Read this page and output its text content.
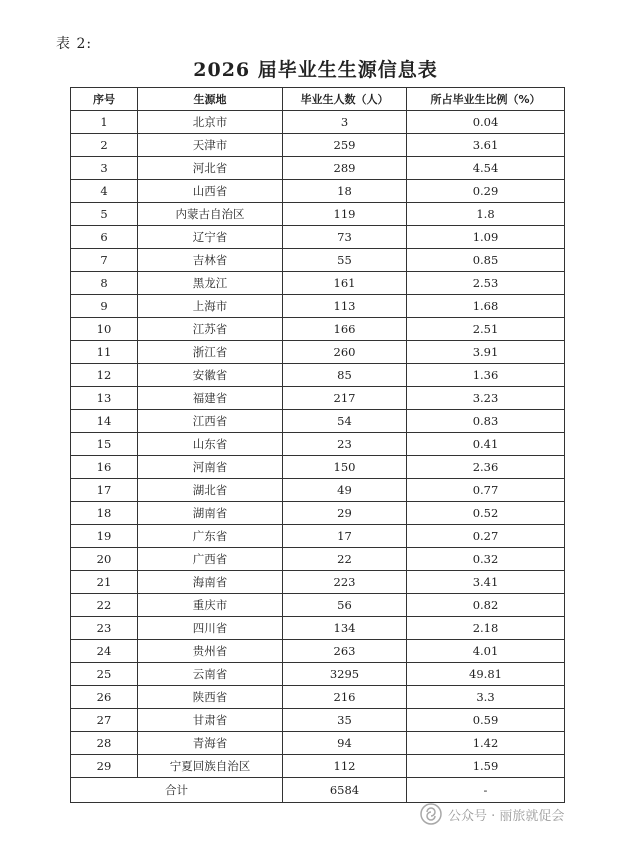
表 2:
2026 届毕业生生源信息表
序号	生源地	毕业生人数（人）	所占毕业生比例（%）
1	北京市	3	0.04
2	天津市	259	3.61
3	河北省	289	4.54
4	山西省	18	0.29
5	内蒙古自治区	119	1.8
6	辽宁省	73	1.09
7	吉林省	55	0.85
8	黑龙江	161	2.53
9	上海市	113	1.68
10	江苏省	166	2.51
11	浙江省	260	3.91
12	安徽省	85	1.36
13	福建省	217	3.23
14	江西省	54	0.83
15	山东省	23	0.41
16	河南省	150	2.36
17	湖北省	49	0.77
18	湖南省	29	0.52
19	广东省	17	0.27
20	广西省	22	0.32
21	海南省	223	3.41
22	重庆市	56	0.82
23	四川省	134	2.18
24	贵州省	263	4.01
25	云南省	3295	49.81
26	陕西省	216	3.3
27	甘肃省	35	0.59
28	青海省	94	1.42
29	宁夏回族自治区	112	1.59
合计		6584	-
公众号 · 丽旅就促会
